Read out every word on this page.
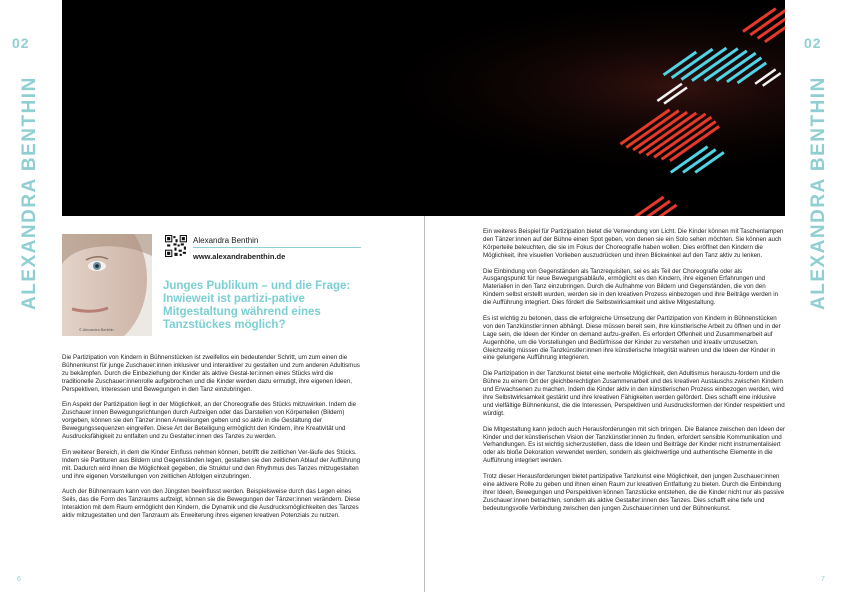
02
ALEXANDRA BENTHIN
© Alexandra Benthin
Alexandra Benthin
www.alexandrabenthin.de
Junges Publikum – und die Frage: Inwieweit ist partizi-pative Mitgestaltung während eines Tanzstückes möglich?

Die Partizipation von Kindern in Bühnenstücken ist zweifellos ein bedeutender Schritt, um zum einen die Bühnenkunst für junge Zuschauer:innen inklusiver und interaktiver zu gestalten und zum anderen Adultismus zu bekämpfen. Durch die Einbeziehung der Kinder als aktive Gestal-ter:innen eines Stücks wird die traditionelle Zuschauer:innenrolle aufgebrochen und die Kinder werden dazu ermutigt, ihre eigenen Ideen, Perspektiven, Interessen und Bewegungen in den Tanz einzubringen.

Ein Aspekt der Partizipation liegt in der Möglichkeit, an der Choreografie des Stücks mitzuwirken. Indem die Zuschauer:innen Bewegungsrichtungen durch Aufzeigen oder das Darstellen von Körperteilen (Bildern) vorgeben, können sie den Tänzer:innen Anweisungen geben und so aktiv in die Gestaltung der Bewegungssequenzen eingreifen. Diese Art der Beteiligung ermöglicht den Kindern, ihre Kreativität und Ausdrucksfähigkeit zu entfalten und zu Gestalter:innen des Tanzes zu werden.

Ein weiterer Bereich, in dem die Kinder Einfluss nehmen können, betrifft die zeitlichen Ver-läufe des Stücks. Indem sie Partituren aus Bildern und Gegenständen legen, gestalten sie den zeitlichen Ablauf der Aufführung mit. Dadurch wird ihnen die Möglichkeit gegeben, die Struktur und den Rhythmus des Tanzes mitzugestalten und ihre eigenen Vorstellungen von zeitlichen Abfolgen einzubringen.

Auch der Bühnenraum kann von den Jüngsten beeinflusst werden. Beispielsweise durch das Legen eines Seils, das die Form des Tanzraums aufzeigt, können sie die Bewegungen der Tänzer:innen verändern. Diese Interaktion mit dem Raum ermöglicht den Kindern, die Dynamik und die Ausdrucksmöglichkeiten des Tanzes aktiv mitzugestalten und den Tanzraum als Erweiterung ihres eigenen kreativen Potenzials zu nutzen.

6
02
ALEXANDRA BENTHIN

Ein weiteres Beispiel für Partizipation bietet die Verwendung von Licht. Die Kinder können mit Taschenlampen den Tänzer:innen auf der Bühne einen Spot geben, von denen sie ein Solo sehen möchten. Sie können auch Körperteile beleuchten, die sie im Fokus der Choreografie haben wollen. Dies eröffnet den Kindern die Möglichkeit, ihre visuellen Vorlieben auszudrücken und ihren Blickwinkel auf den Tanz aktiv zu lenken.

Die Einbindung von Gegenständen als Tanzrequisiten, sei es als Teil der Choreografie oder als Ausgangspunkt für neue Bewegungsabläufe, ermöglicht es den Kindern, ihre eigenen Erfahrungen und Materialien in den Tanz einzubringen. Durch die Aufnahme von Bildern und Gegenständen, die von den Kindern selbst erstellt wurden, werden sie in den kreativen Prozess einbezogen und ihre Beiträge werden in die Aufführung integriert. Dies fördert die Selbstwirksamkeit und aktive Mitgestaltung.

Es ist wichtig zu betonen, dass die erfolgreiche Umsetzung der Partizipation von Kindern in Bühnenstücken von den Tanzkünstler:innen abhängt. Diese müssen bereit sein, ihre künstlerische Arbeit zu öffnen und in der Lage sein, die Ideen der Kinder on demand aufzu-greifen. Es erfordert Offenheit und Zusammenarbeit auf Augenhöhe, um die Vorstellungen und Bedürfnisse der Kinder zu verstehen und kreativ umzusetzen. Gleichzeitig müssen die Tanzkünstler:innen ihre künstlerische Integrität wahren und die Ideen der Kinder in eine gelungene Aufführung integrieren.

Die Partizipation in der Tanzkunst bietet eine wertvolle Möglichkeit, den Adultismus herauszu-fordern und die Bühne zu einem Ort der gleichberechtigten Zusammenarbeit und des kreativen Austauschs zwischen Kindern und Erwachsenen zu machen. Indem die Kinder aktiv in den künstlerischen Prozess einbezogen werden, wird ihre Selbstwirksamkeit gestärkt und ihre kreativen Fähigkeiten werden gefördert. Dies schafft eine inklusive und vielfältige Bühnenkunst, die die Interessen, Perspektiven und Ausdrucksformen der Kinder respektiert und würdigt.

Die Mitgestaltung kann jedoch auch Herausforderungen mit sich bringen. Die Balance zwischen den Ideen der Kinder und der künstlerischen Vision der Tanzkünstler:innen zu finden, erfordert sensible Kommunikation und Verhandlungen. Es ist wichtig sicherzustellen, dass die Ideen und Beiträge der Kinder nicht instrumentalisiert oder als bloße Dekoration verwendet werden, sondern als gleichwertige und authentische Elemente in die Aufführung integriert werden.

Trotz dieser Herausforderungen bietet partizipative Tanzkunst eine Möglichkeit, den jungen Zuschauer:innen eine aktivere Rolle zu geben und ihnen einen Raum zur kreativen Entfaltung zu bieten. Durch die Einbindung ihrer Ideen, Bewegungen und Perspektiven können Tanzstücke entstehen, die die Kinder nicht nur als passive Zuschauer:innen betrachten, sondern als aktive Gestalter:innen des Tanzes. Dies schafft eine tiefe und bedeutungsvolle Verbindung zwischen den jungen Zuschauer:innen und der Bühnenkunst.

7
